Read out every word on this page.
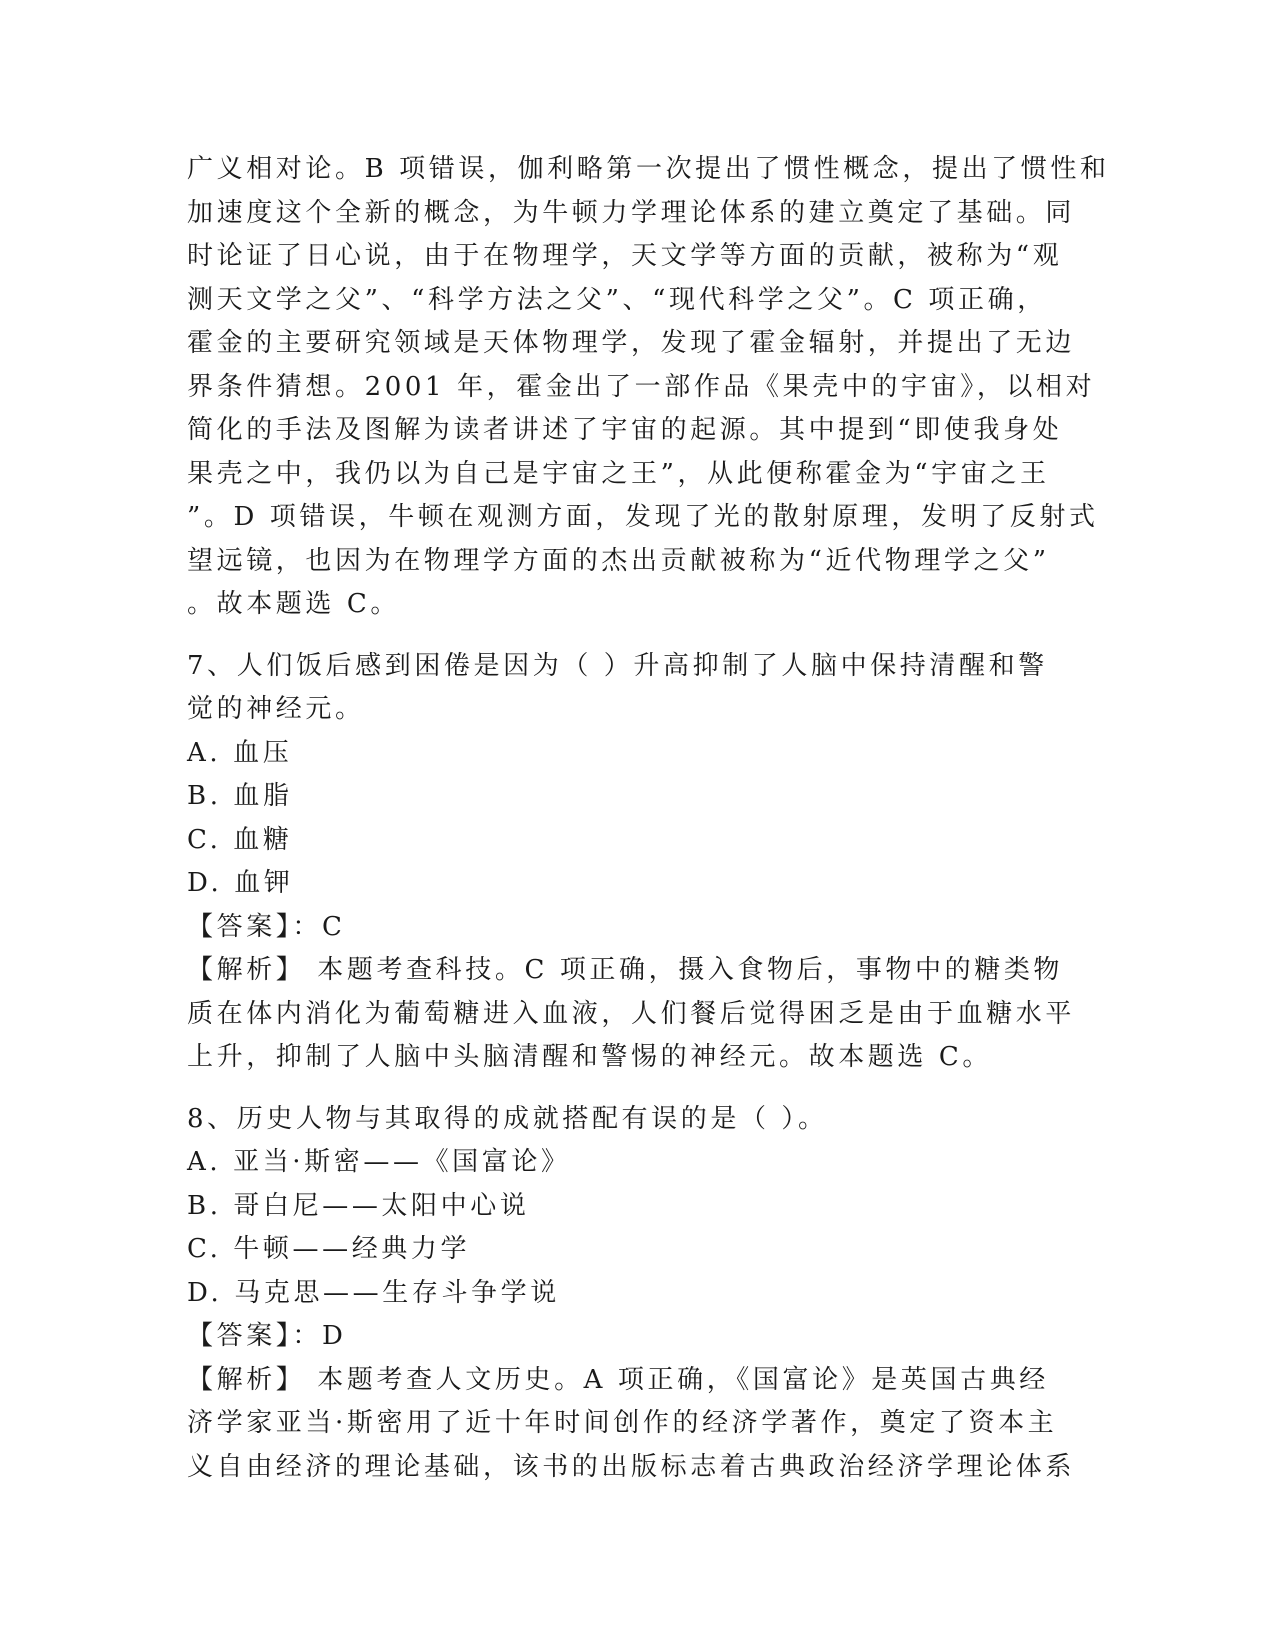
广义相对论。B 项错误，伽利略第一次提出了惯性概念，提出了惯性和
加速度这个全新的概念，为牛顿力学理论体系的建立奠定了基础。同
时论证了日心说，由于在物理学，天文学等方面的贡献，被称为“观
测天文学之父”、“科学方法之父”、“现代科学之父”。C 项正确，
霍金的主要研究领域是天体物理学，发现了霍金辐射，并提出了无边
界条件猜想。2001 年，霍金出了一部作品《果壳中的宇宙》，以相对
简化的手法及图解为读者讲述了宇宙的起源。其中提到“即使我身处
果壳之中，我仍以为自己是宇宙之王”，从此便称霍金为“宇宙之王
”。D 项错误，牛顿在观测方面，发现了光的散射原理，发明了反射式
望远镜，也因为在物理学方面的杰出贡献被称为“近代物理学之父”
。故本题选 C。
7、人们饭后感到困倦是因为（ ）升高抑制了人脑中保持清醒和警
觉的神经元。
A. 血压
B. 血脂
C. 血糖
D. 血钾
【答案】：C
【解析】 本题考查科技。C 项正确，摄入食物后，事物中的糖类物
质在体内消化为葡萄糖进入血液，人们餐后觉得困乏是由于血糖水平
上升，抑制了人脑中头脑清醒和警惕的神经元。故本题选 C。
8、历史人物与其取得的成就搭配有误的是（ ）。
A. 亚当·斯密——《国富论》
B. 哥白尼——太阳中心说
C. 牛顿——经典力学
D. 马克思——生存斗争学说
【答案】：D
【解析】 本题考查人文历史。A 项正确，《国富论》是英国古典经
济学家亚当·斯密用了近十年时间创作的经济学著作，奠定了资本主
义自由经济的理论基础，该书的出版标志着古典政治经济学理论体系
